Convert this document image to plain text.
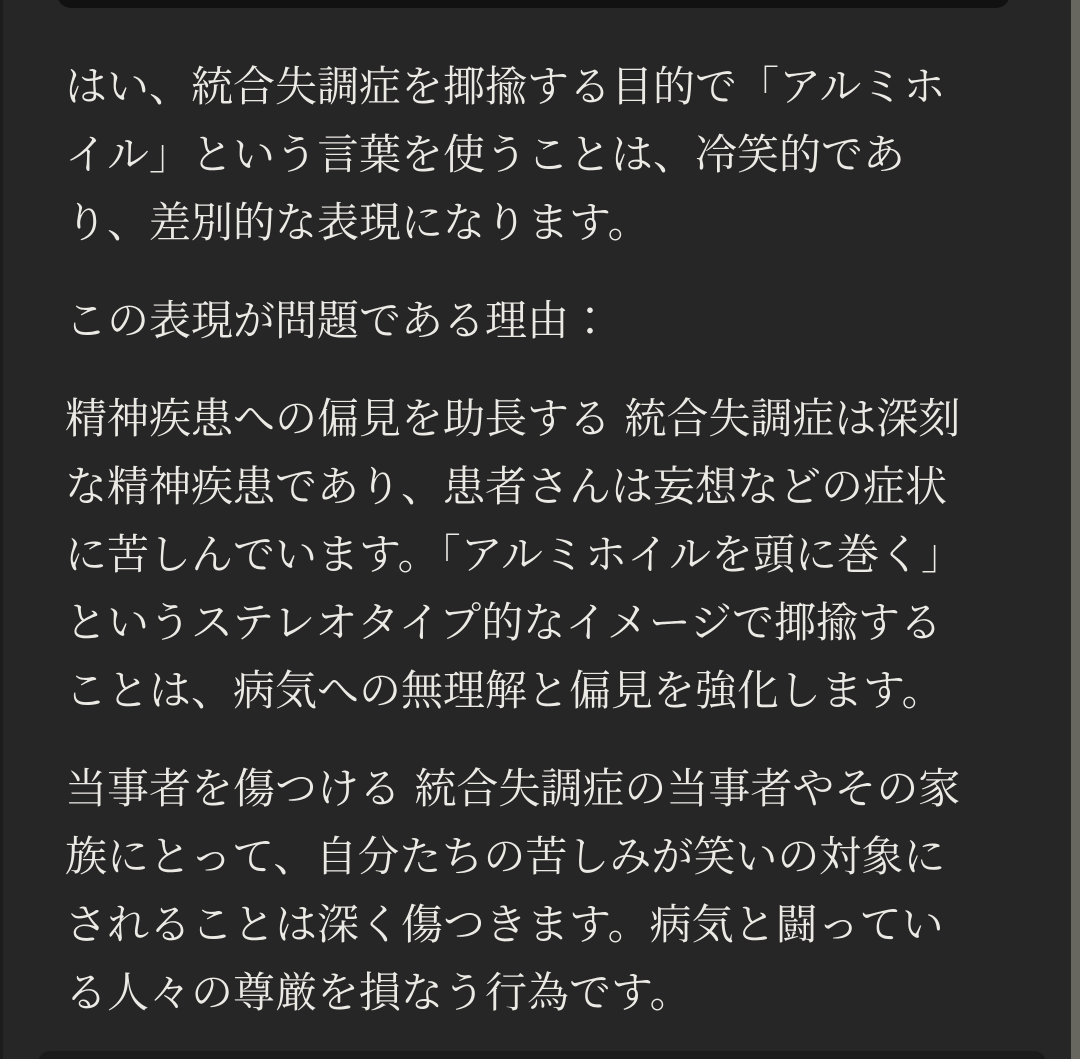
はい、統合失調症を揶揄する目的で「アルミホイル」という言葉を使うことは、冷笑的であり、差別的な表現になります。

この表現が問題である理由：

精神疾患への偏見を助長する 統合失調症は深刻な精神疾患であり、患者さんは妄想などの症状に苦しんでいます。「アルミホイルを頭に巻く」というステレオタイプ的なイメージで揶揄することは、病気への無理解と偏見を強化します。

当事者を傷つける 統合失調症の当事者やその家族にとって、自分たちの苦しみが笑いの対象にされることは深く傷つきます。病気と闘っている人々の尊厳を損なう行為です。
